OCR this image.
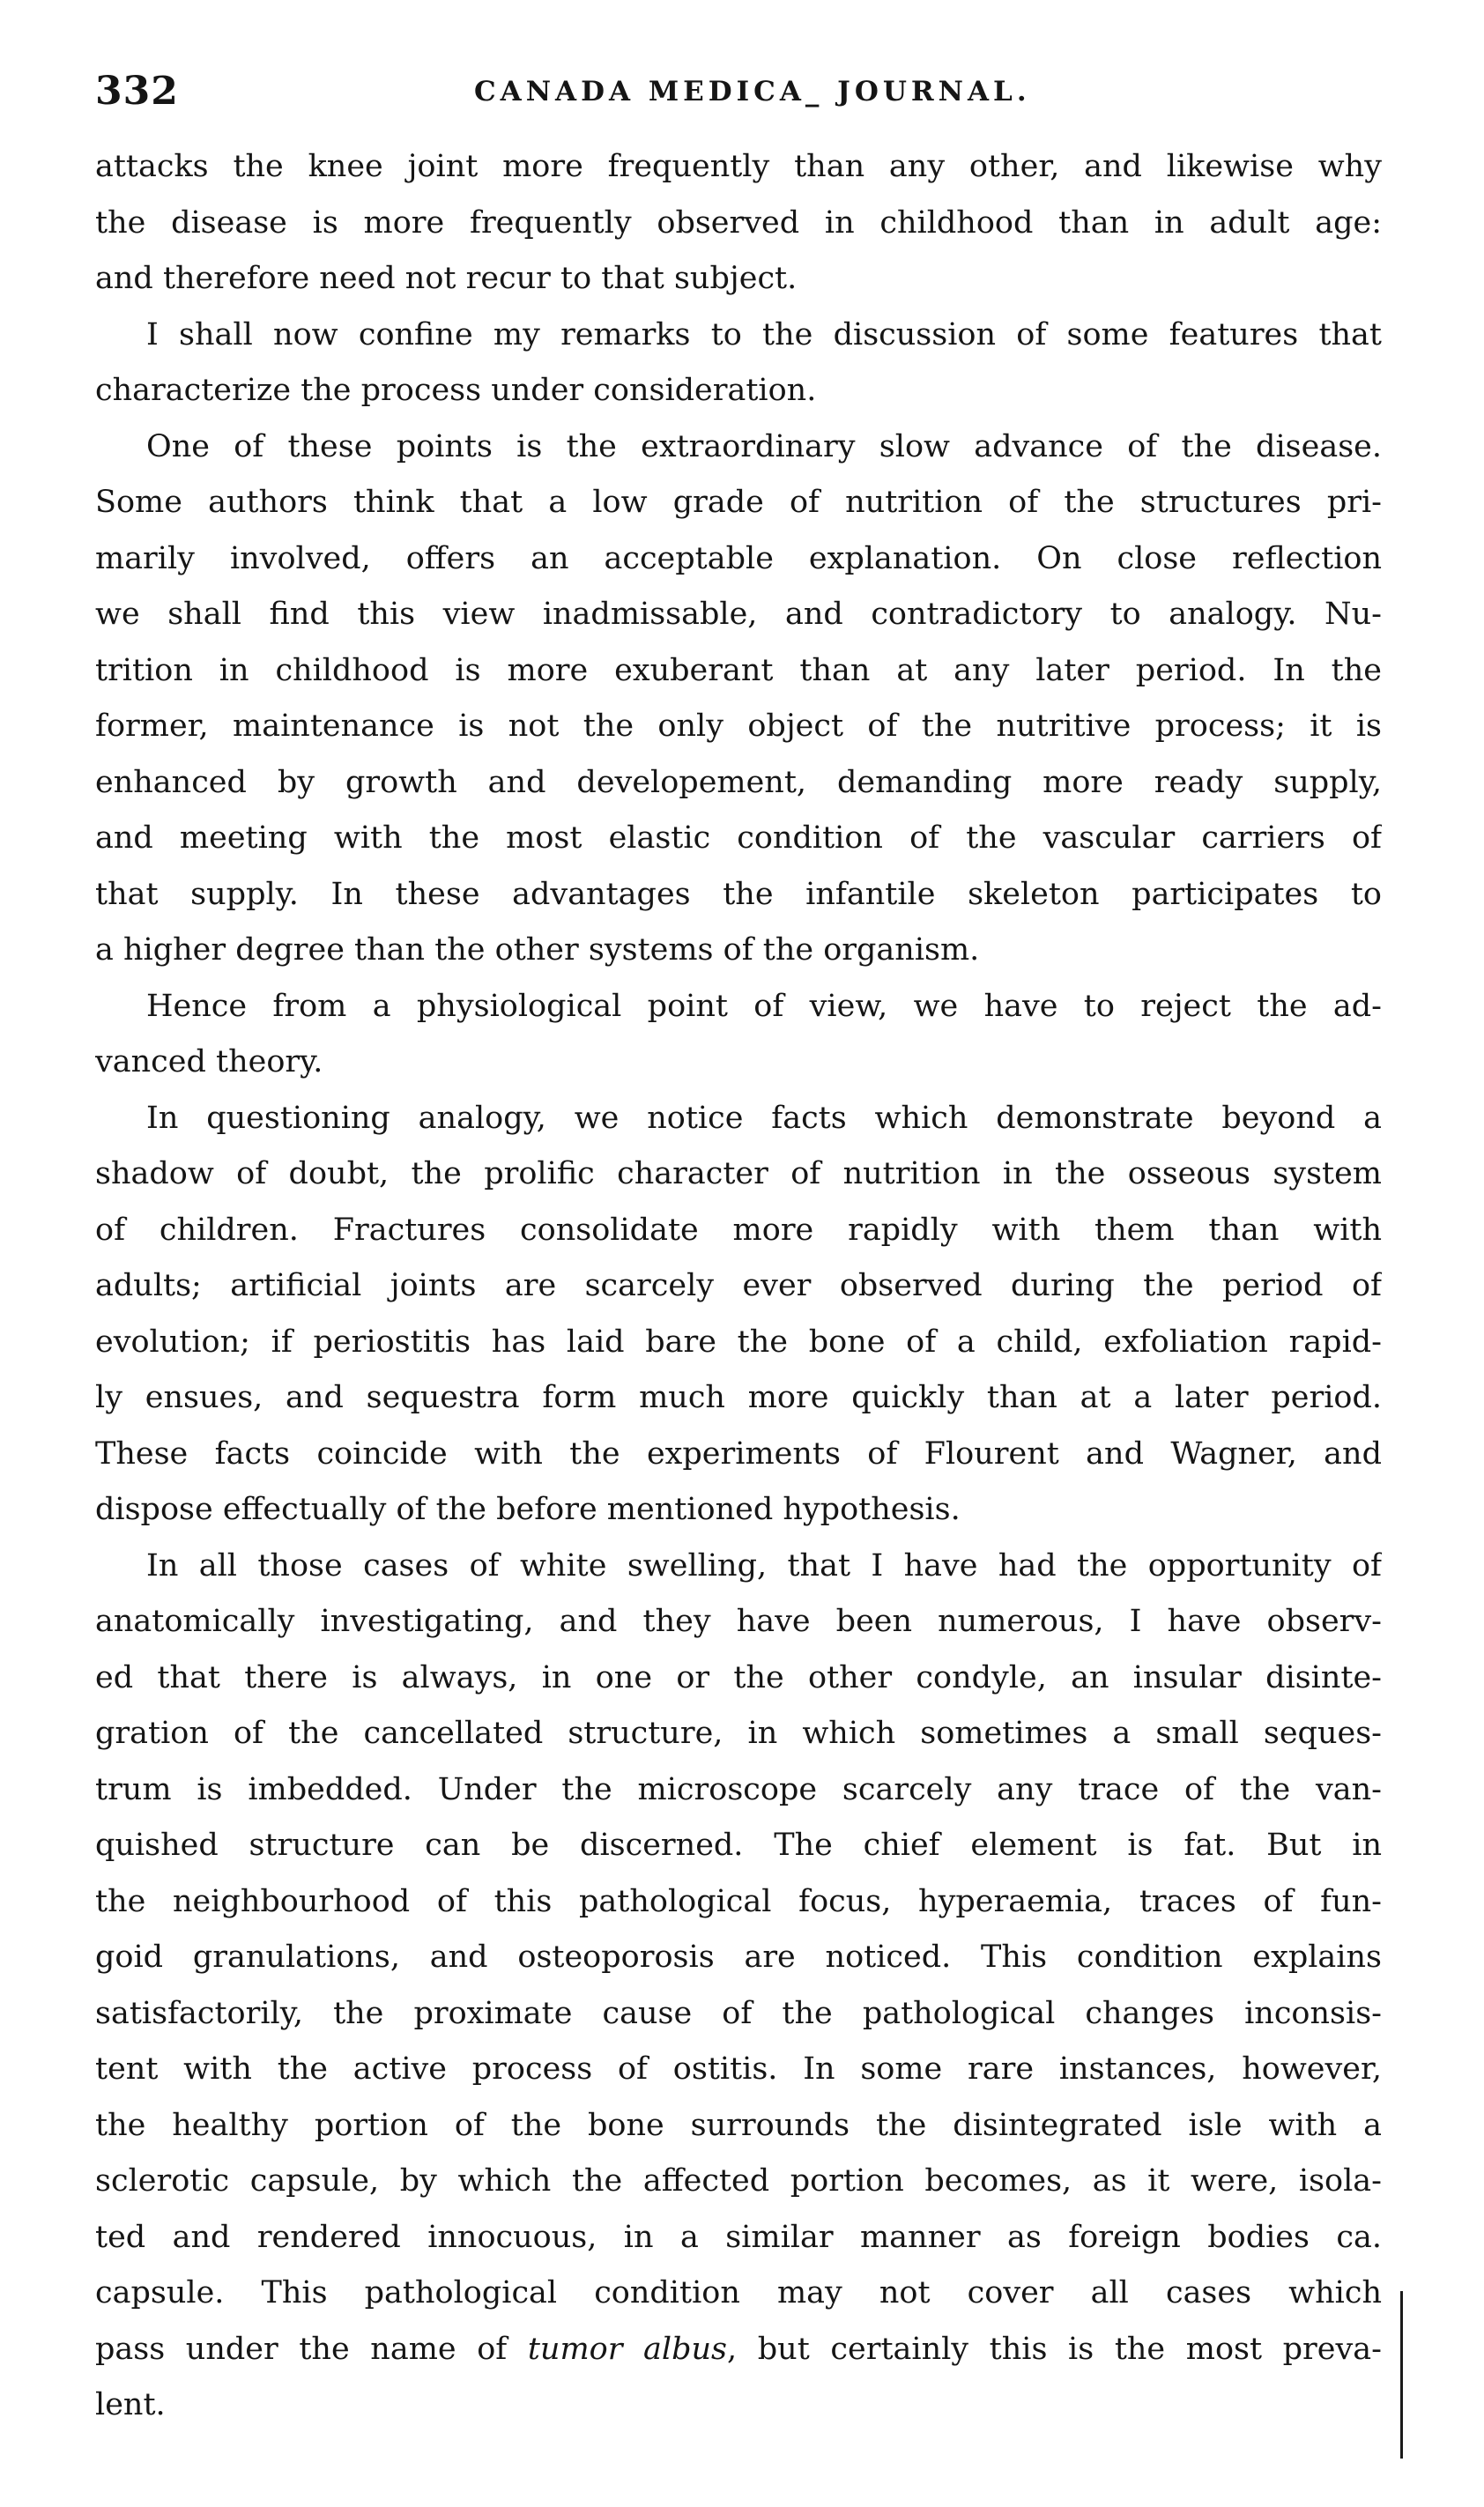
332	CANADA MEDICA_ JOURNAL.
attacks the knee joint more frequently than any other, and likewise why
the disease is more frequently observed in childhood than in adult age:
and therefore need not recur to that subject.
I shall now confine my remarks to the discussion of some features that
characterize the process under consideration.
One of these points is the extraordinary slow advance of the disease.
Some authors think that a low grade of nutrition of the structures pri-
marily involved, offers an acceptable explanation. On close reflection
we shall find this view inadmissable, and contradictory to analogy. Nu-
trition in childhood is more exuberant than at any later period. In the
former, maintenance is not the only object of the nutritive process; it is
enhanced by growth and developement, demanding more ready supply,
and meeting with the most elastic condition of the vascular carriers of
that supply. In these advantages the infantile skeleton participates to
a higher degree than the other systems of the organism.
Hence from a physiological point of view, we have to reject the ad-
vanced theory.
In questioning analogy, we notice facts which demonstrate beyond a
shadow of doubt, the prolific character of nutrition in the osseous system
of children. Fractures consolidate more rapidly with them than with
adults; artificial joints are scarcely ever observed during the period of
evolution; if periostitis has laid bare the bone of a child, exfoliation rapid-
ly ensues, and sequestra form much more quickly than at a later period.
These facts coincide with the experiments of Flourent and Wagner, and
dispose effectually of the before mentioned hypothesis.
In all those cases of white swelling, that I have had the opportunity of
anatomically investigating, and they have been numerous, I have observ-
ed that there is always, in one or the other condyle, an insular disinte-
gration of the cancellated structure, in which sometimes a small seques-
trum is imbedded. Under the microscope scarcely any trace of the van-
quished structure can be discerned. The chief element is fat. But in
the neighbourhood of this pathological focus, hyperaemia, traces of fun-
goid granulations, and osteoporosis are noticed. This condition explains
satisfactorily, the proximate cause of the pathological changes inconsis-
tent with the active process of ostitis. In some rare instances, however,
the healthy portion of the bone surrounds the disintegrated isle with a
sclerotic capsule, by which the affected portion becomes, as it were, isola-
ted and rendered innocuous, in a similar manner as foreign bodies ca.
capsule. This pathological condition may not cover all cases which
pass under the name of tumor albus, but certainly this is the most preva-
lent.
